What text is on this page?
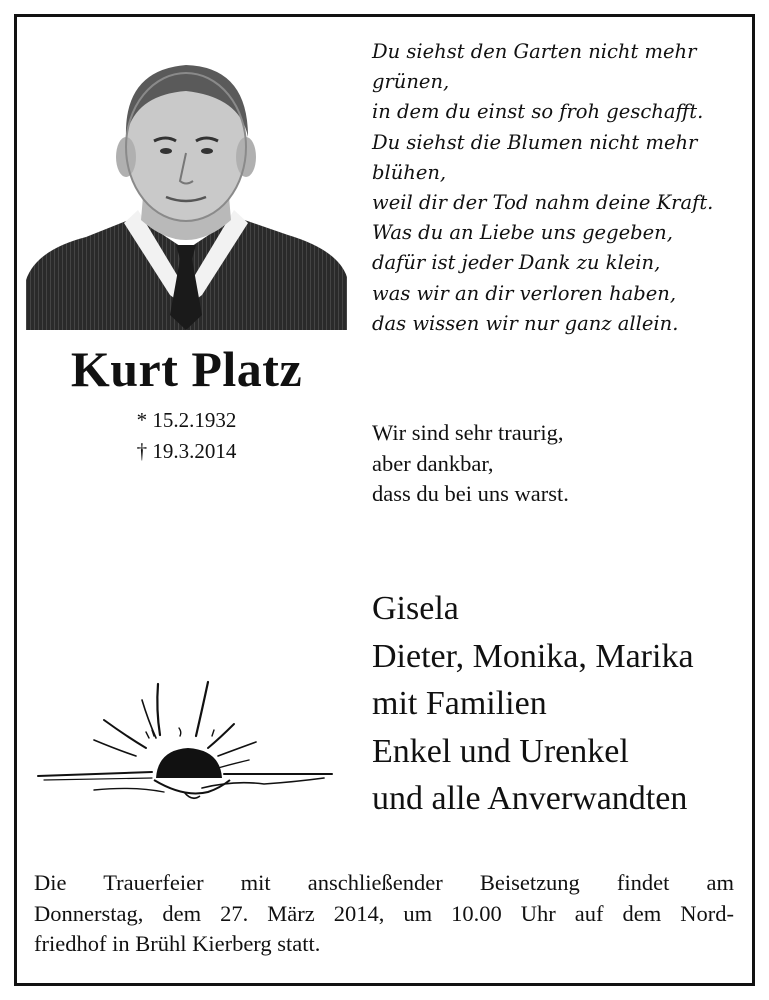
Kurt Platz
* 15.2.1932
† 19.3.2014
Du siehst den Garten nicht mehr
grünen,
in dem du einst so froh geschafft.
Du siehst die Blumen nicht mehr
blühen,
weil dir der Tod nahm deine Kraft.
Was du an Liebe uns gegeben,
dafür ist jeder Dank zu klein,
was wir an dir verloren haben,
das wissen wir nur ganz allein.
Wir sind sehr traurig,
aber dankbar,
dass du bei uns warst.
Gisela
Dieter, Monika, Marika
mit Familien
Enkel und Urenkel
und alle Anverwandten
Die Trauerfeier mit anschließender Beisetzung findet am
Donnerstag, dem 27. März 2014, um 10.00 Uhr auf dem Nord-
friedhof in Brühl Kierberg statt.
